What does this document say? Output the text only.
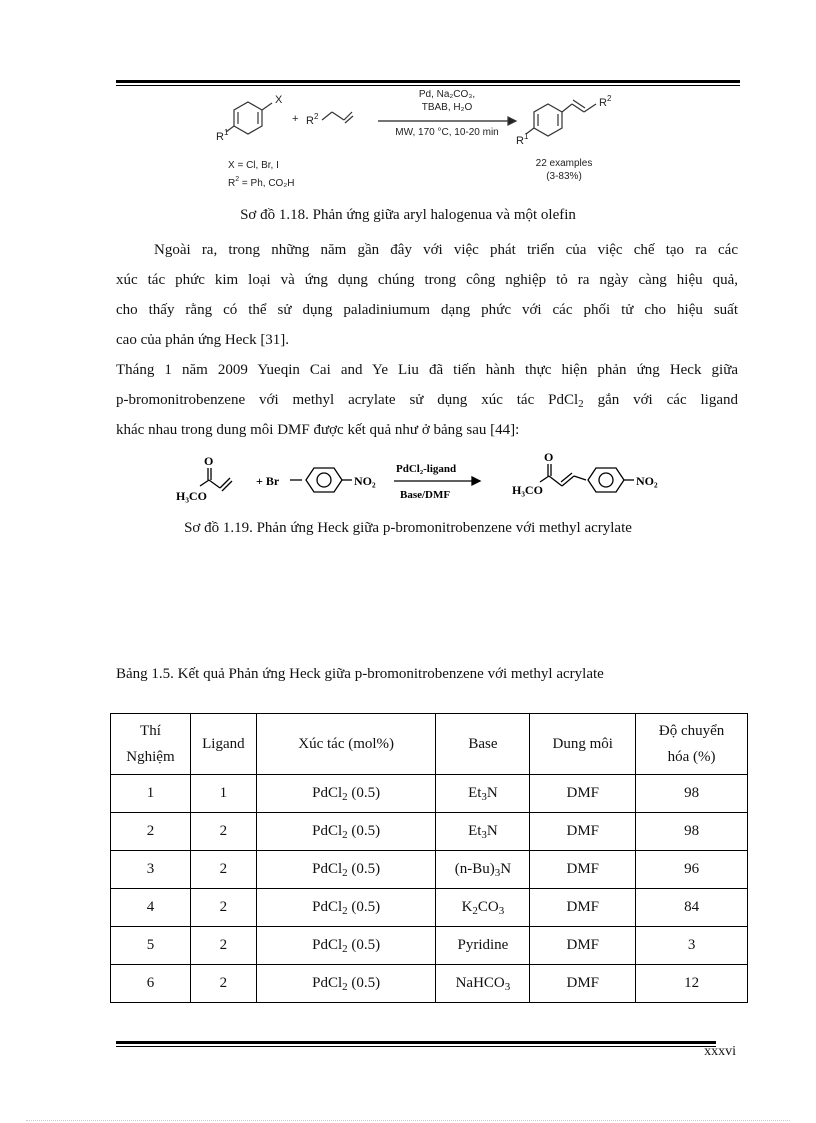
X
+
$R^1$
$R^2$
Pd, Na₂CO₃,
TBAB, H₂O
MW, 170 °C, 10-20 min
X = Cl, Br, I
$R^2 = Ph$, CO₂H
$R^1$
$R^2$
22 examples
(3-83%)
Sơ đồ 1.18. Phản ứng giữa aryl halogenua và một olefin
Ngoài ra, trong những năm gần đây với việc phát triển của việc chế tạo ra các
xúc tác phức kim loại và ứng dụng chúng trong công nghiệp tỏ ra ngày càng hiệu quả,
cho thấy rằng có thể sử dụng paladiniumum dạng phức với các phối tử cho hiệu suất
cao của phản ứng Heck [31].
Tháng 1 năm 2009 Yueqin Cai and Ye Liu đã tiến hành thực hiện phản ứng Heck giữa
p-bromonitrobenzene với methyl acrylate sử dụng xúc tác PdCl$_2$ gắn với các ligand
khác nhau trong dung môi DMF được kết quả như ở bảng sau [44]:
O
H₃CO
+ Br	NO₂
PdCl₂-ligand
Base/DMF
O
H₃CO
NO₂
Sơ đồ 1.19. Phản ứng Heck giữa p-bromonitrobenzene với methyl acrylate
Bảng 1.5. Kết quả Phản ứng Heck giữa p-bromonitrobenzene với methyl acrylate
Thí
Nghiệm	Ligand	Xúc tác (mol%)	Base	Dung môi	Độ chuyển
hóa (%)
1	1	PdCl$_2$ (0.5)	$Et_3N$	DMF	98
2	2	PdCl$_2$ (0.5)	$Et_3N$	DMF	98
3	2	PdCl$_2$ (0.5)	$(n-Bu)_3N$	DMF	96
4	2	PdCl$_2$ (0.5)	$K_2CO_3$	DMF	84
5	2	PdCl$_2$ (0.5)	Pyridine	DMF	3
6	2	PdCl$_2$ (0.5)	NaHCO$_3$	DMF	12
xxxvi
